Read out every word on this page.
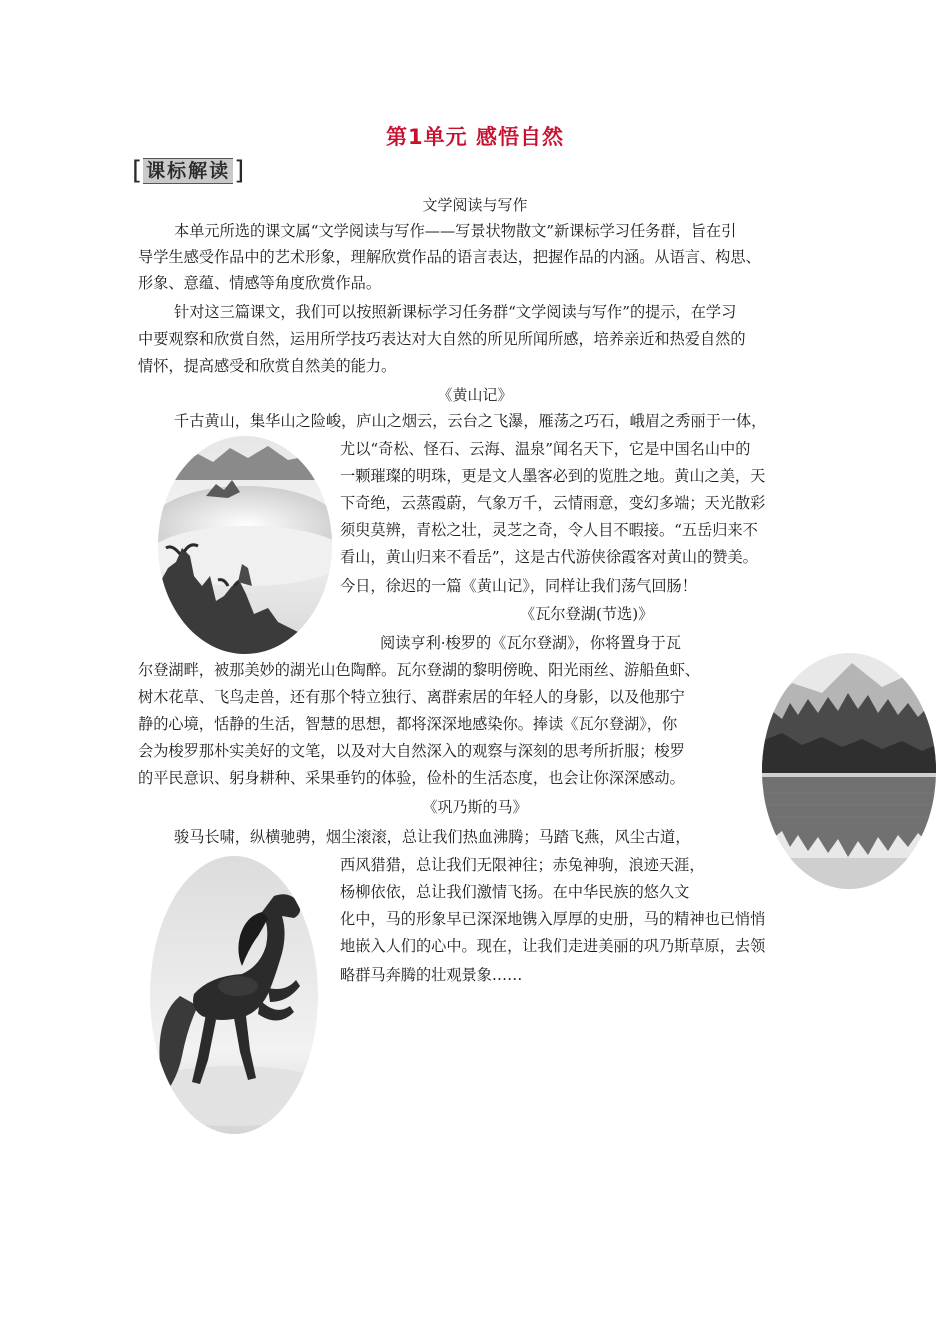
第1单元 感悟自然
[ 课标解读 ]
文学阅读与写作
本单元所选的课文属“文学阅读与写作——写景状物散文”新课标学习任务群，旨在引
导学生感受作品中的艺术形象，理解欣赏作品的语言表达，把握作品的内涵。从语言、构思、
形象、意蕴、情感等角度欣赏作品。
针对这三篇课文，我们可以按照新课标学习任务群“文学阅读与写作”的提示，在学习
中要观察和欣赏自然，运用所学技巧表达对大自然的所见所闻所感，培养亲近和热爱自然的
情怀，提高感受和欣赏自然美的能力。
《黄山记》
千古黄山，集华山之险峻，庐山之烟云，云台之飞瀑，雁荡之巧石，峨眉之秀丽于一体，
尤以“奇松、怪石、云海、温泉”闻名天下，它是中国名山中的
一颗璀璨的明珠，更是文人墨客必到的览胜之地。黄山之美，天
下奇绝，云蒸霞蔚，气象万千，云情雨意，变幻多端；天光散彩
须臾莫辨，青松之壮，灵芝之奇，令人目不暇接。“五岳归来不
看山，黄山归来不看岳”，这是古代游侠徐霞客对黄山的赞美。
今日，徐迟的一篇《黄山记》，同样让我们荡气回肠！
《瓦尔登湖(节选)》
阅读亨利·梭罗的《瓦尔登湖》，你将置身于瓦
尔登湖畔，被那美妙的湖光山色陶醉。瓦尔登湖的黎明傍晚、阳光雨丝、游船鱼虾、
树木花草、飞鸟走兽，还有那个特立独行、离群索居的年轻人的身影，以及他那宁
静的心境，恬静的生活，智慧的思想，都将深深地感染你。捧读《瓦尔登湖》，你
会为梭罗那朴实美好的文笔，以及对大自然深入的观察与深刻的思考所折服；梭罗
的平民意识、躬身耕种、采果垂钓的体验，俭朴的生活态度，也会让你深深感动。
《巩乃斯的马》
骏马长啸，纵横驰骋，烟尘滚滚，总让我们热血沸腾；马踏飞燕，风尘古道，
西风猎猎，总让我们无限神往；赤兔神驹，浪迹天涯，
杨柳依依，总让我们激情飞扬。在中华民族的悠久文
化中，马的形象早已深深地镌入厚厚的史册，马的精神也已悄悄
地嵌入人们的心中。现在，让我们走进美丽的巩乃斯草原，去领
略群马奔腾的壮观景象……
